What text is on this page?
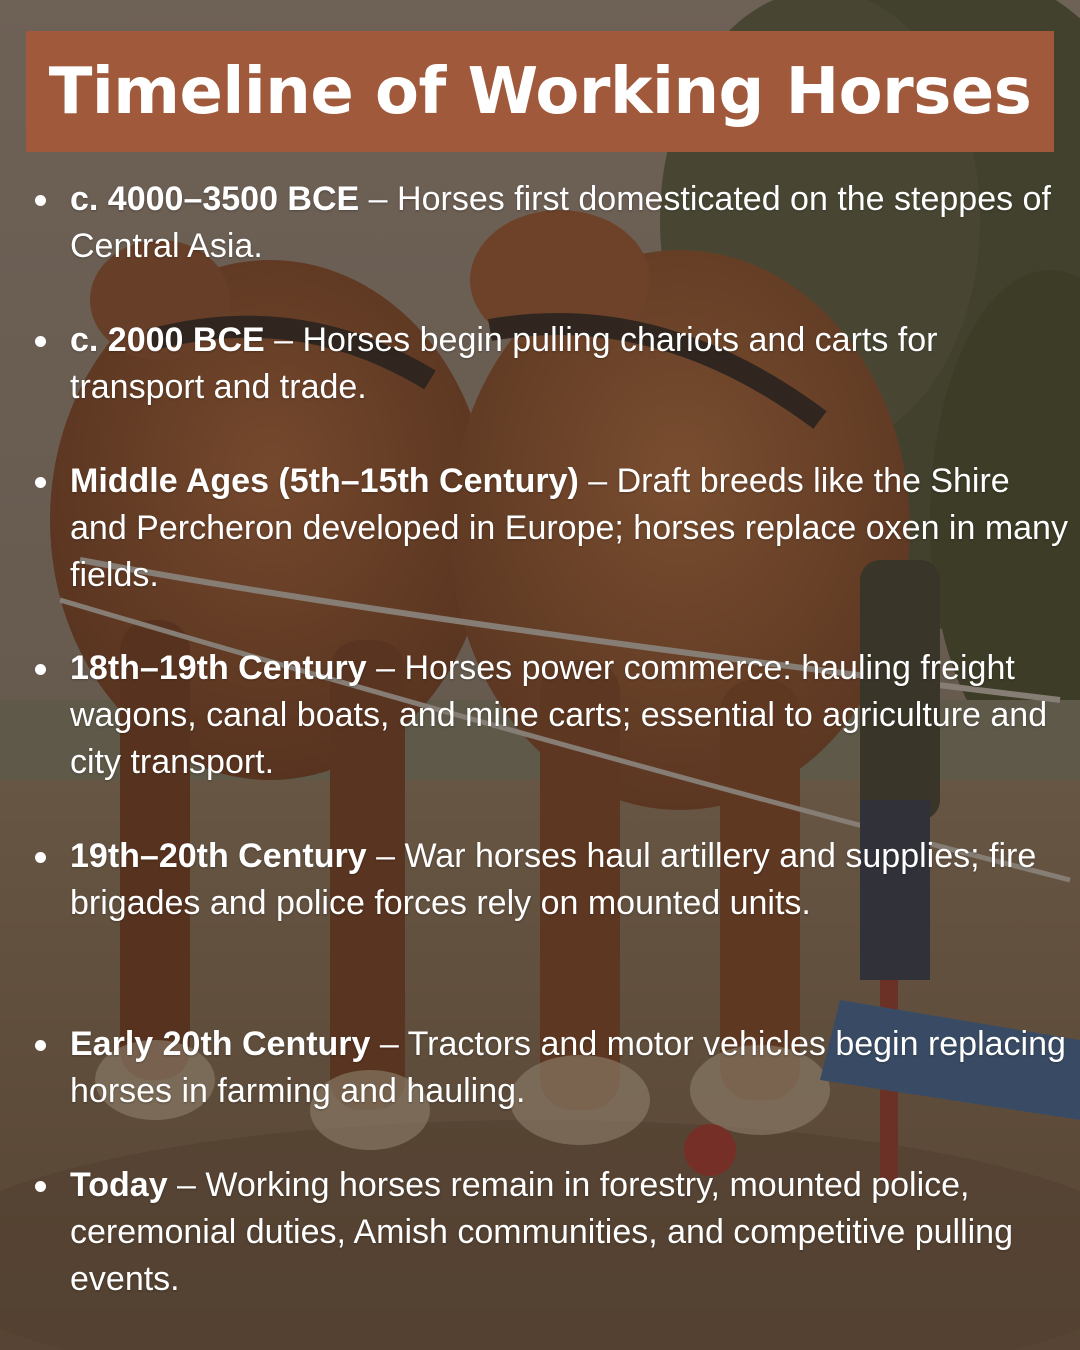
Timeline of Working Horses
c. 4000–3500 BCE – Horses first domesticated on the steppes of Central Asia.
c. 2000 BCE – Horses begin pulling chariots and carts for transport and trade.
Middle Ages (5th–15th Century) – Draft breeds like the Shire and Percheron developed in Europe; horses replace oxen in many fields.
18th–19th Century – Horses power commerce: hauling freight wagons, canal boats, and mine carts; essential to agriculture and city transport.
19th–20th Century – War horses haul artillery and supplies; fire brigades and police forces rely on mounted units.
Early 20th Century – Tractors and motor vehicles begin replacing horses in farming and hauling.
Today – Working horses remain in forestry, mounted police, ceremonial duties, Amish communities, and competitive pulling events.
